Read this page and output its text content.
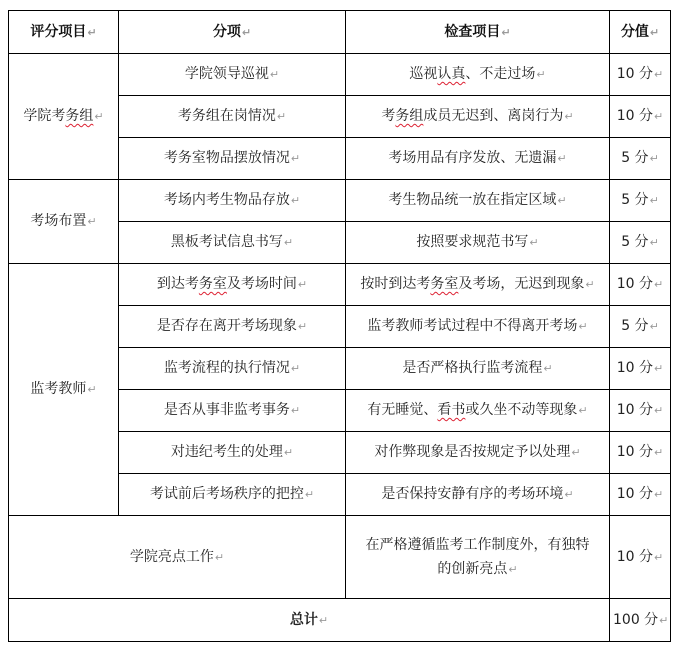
评分项目↵	分项↵	检查项目↵	分值↵
学院考务组↵	学院领导巡视↵	巡视认真、不走过场↵	10 分↵
	考务组在岗情况↵	考务组成员无迟到、离岗行为↵	10 分↵
	考务室物品摆放情况↵	考场用品有序发放、无遗漏↵	5 分↵
考场布置↵	考场内考生物品存放↵	考生物品统一放在指定区域↵	5 分↵
	黑板考试信息书写↵	按照要求规范书写↵	5 分↵
监考教师↵	到达考务室及考场时间↵	按时到达考务室及考场，无迟到现象↵	10 分↵
	是否存在离开考场现象↵	监考教师考试过程中不得离开考场↵	5 分↵
	监考流程的执行情况↵	是否严格执行监考流程↵	10 分↵
	是否从事非监考事务↵	有无睡觉、看书或久坐不动等现象↵	10 分↵
	对违纪考生的处理↵	对作弊现象是否按规定予以处理↵	10 分↵
	考试前后考场秩序的把控↵	是否保持安静有序的考场环境↵	10 分↵
学院亮点工作↵		在严格遵循监考工作制度外，有独特
的创新亮点↵	10 分↵
总计↵			100 分↵
